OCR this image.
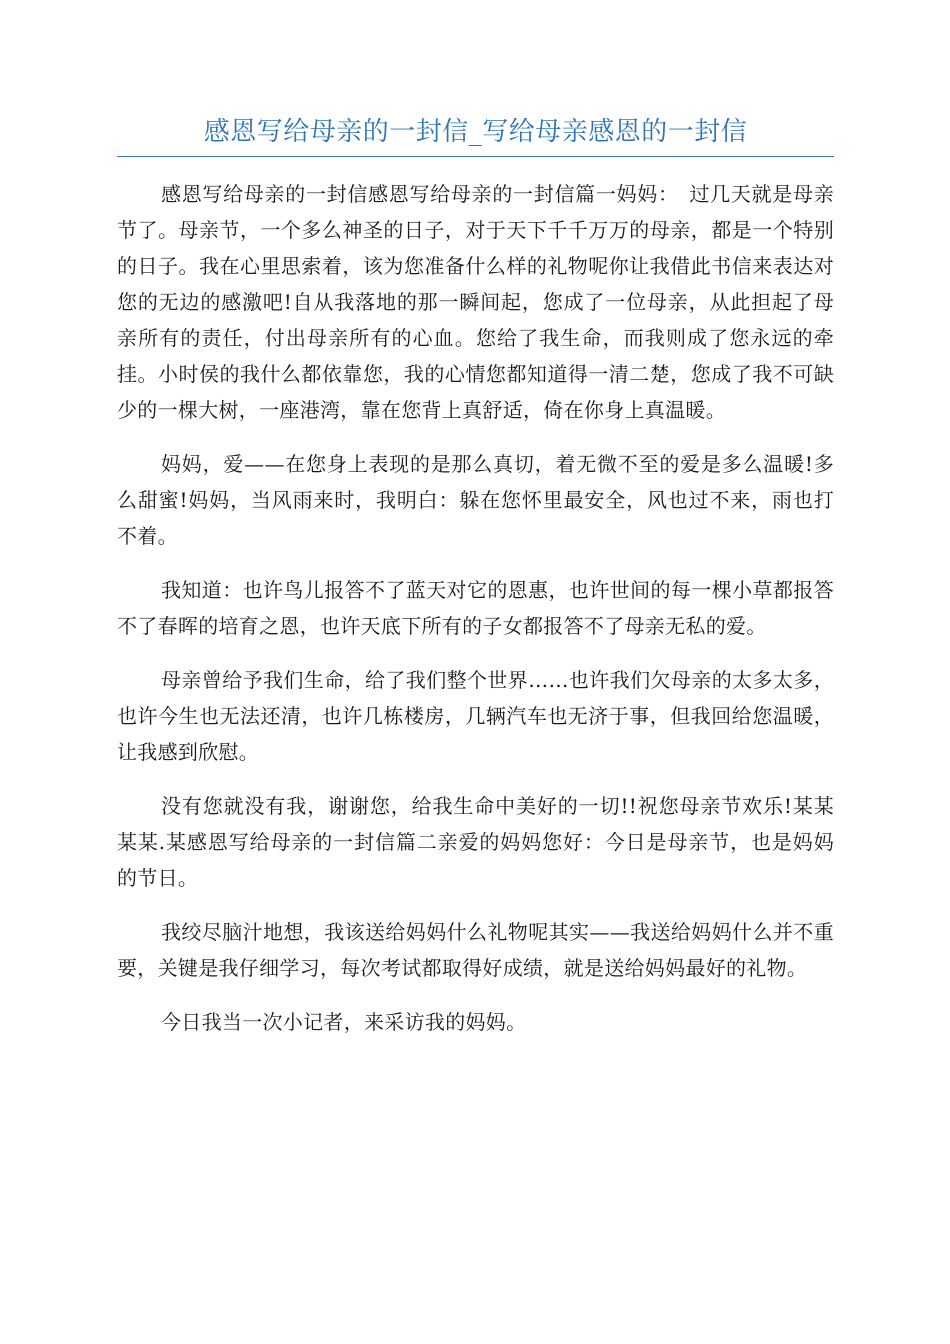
感恩写给母亲的一封信_写给母亲感恩的一封信

感恩写给母亲的一封信感恩写给母亲的一封信篇一妈妈：　过几天就是母亲节了。母亲节，一个多么神圣的日子，对于天下千千万万的母亲，都是一个特别的日子。我在心里思索着，该为您准备什么样的礼物呢你让我借此书信来表达对您的无边的感激吧!自从我落地的那一瞬间起，您成了一位母亲，从此担起了母亲所有的责任，付出母亲所有的心血。您给了我生命，而我则成了您永远的牵挂。小时侯的我什么都依靠您，我的心情您都知道得一清二楚，您成了我不可缺少的一棵大树，一座港湾，靠在您背上真舒适，倚在你身上真温暖。

妈妈，爱——在您身上表现的是那么真切，着无微不至的爱是多么温暖!多么甜蜜!妈妈，当风雨来时，我明白：躲在您怀里最安全，风也过不来，雨也打不着。

我知道：也许鸟儿报答不了蓝天对它的恩惠，也许世间的每一棵小草都报答不了春晖的培育之恩，也许天底下所有的子女都报答不了母亲无私的爱。

母亲曾给予我们生命，给了我们整个世界……也许我们欠母亲的太多太多，也许今生也无法还清，也许几栋楼房，几辆汽车也无济于事，但我回给您温暖，让我感到欣慰。

没有您就没有我，谢谢您，给我生命中美好的一切!!祝您母亲节欢乐!某某某某.某感恩写给母亲的一封信篇二亲爱的妈妈您好：今日是母亲节，也是妈妈的节日。

我绞尽脑汁地想，我该送给妈妈什么礼物呢其实——我送给妈妈什么并不重要，关键是我仔细学习，每次考试都取得好成绩，就是送给妈妈最好的礼物。

今日我当一次小记者，来采访我的妈妈。
